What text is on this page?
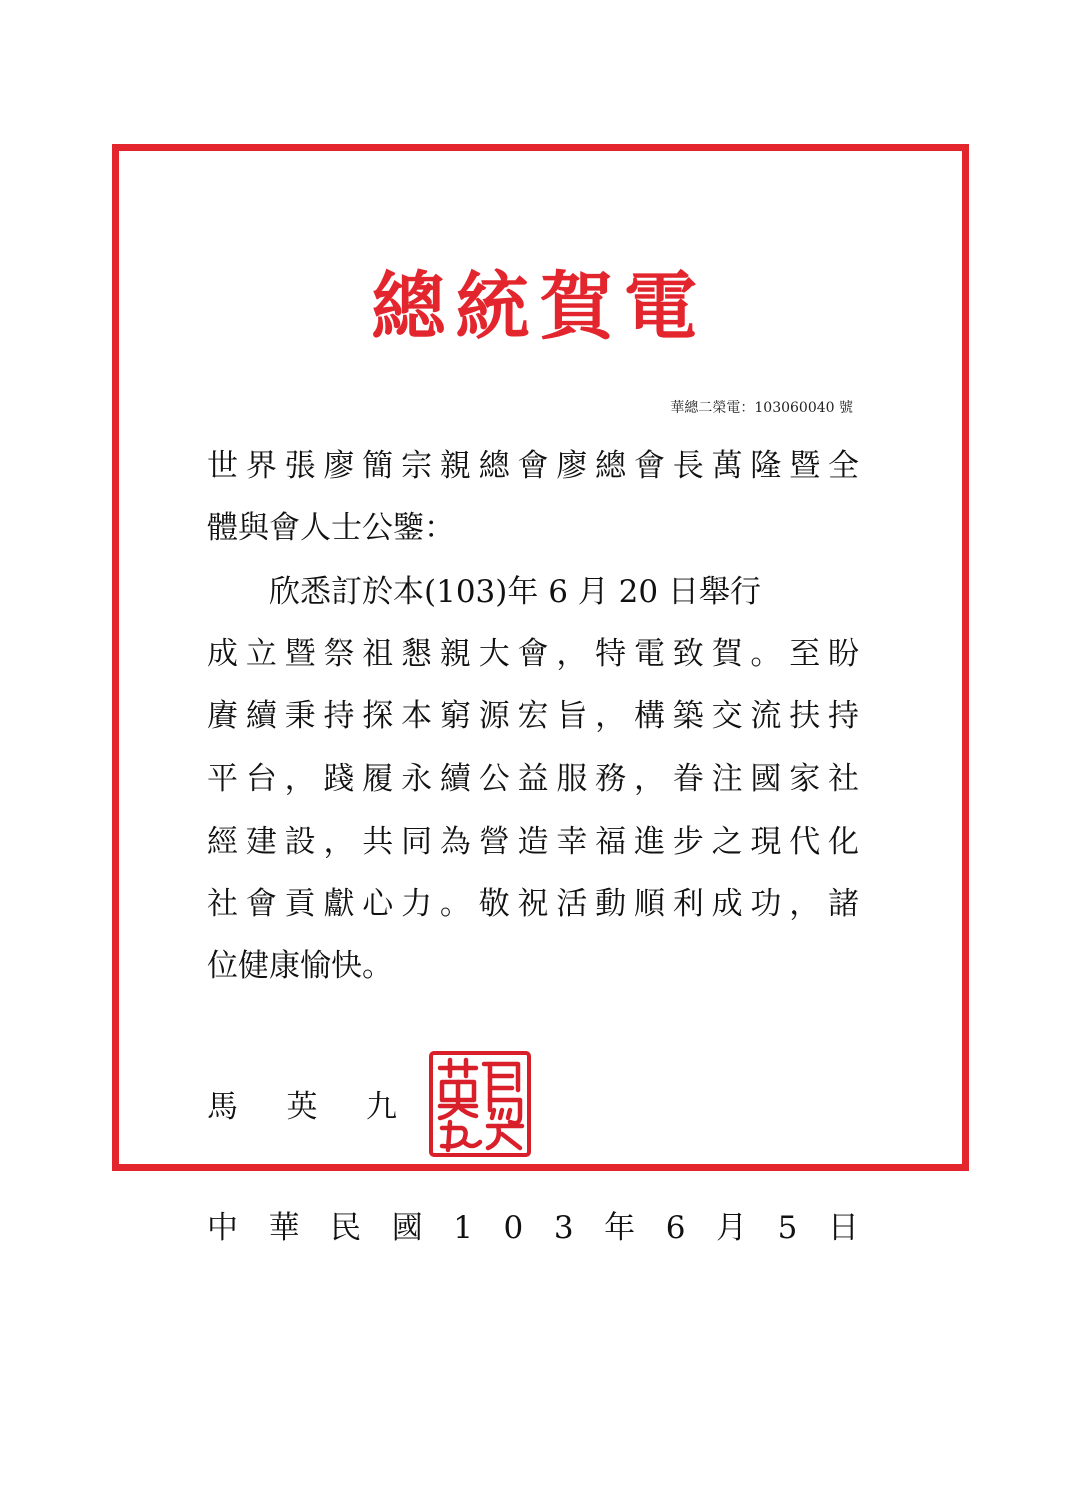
總統賀電
華總二榮電：103060040 號
世 界 張 廖 簡 宗 親 總 會 廖 總 會 長 萬 隆 暨 全
體與會人士公鑒：
　　欣悉訂於本(103)年 6 月 20 日舉行
成 立 暨 祭 祖 懇 親 大 會 ， 特 電 致 賀 。 至 盼
賡 續 秉 持 探 本 窮 源 宏 旨 ， 構 築 交 流 扶 持
平 台 ， 踐 履 永 續 公 益 服 務 ， 眷 注 國 家 社
經 建 設 ， 共 同 為 營 造 幸 福 進 步 之 現 代 化
社 會 貢 獻 心 力 。 敬 祝 活 動 順 利 成 功 ， 諸
位健康愉快。
馬 英 九
中 華 民 國 1 0 3 年 6 月 5 日
